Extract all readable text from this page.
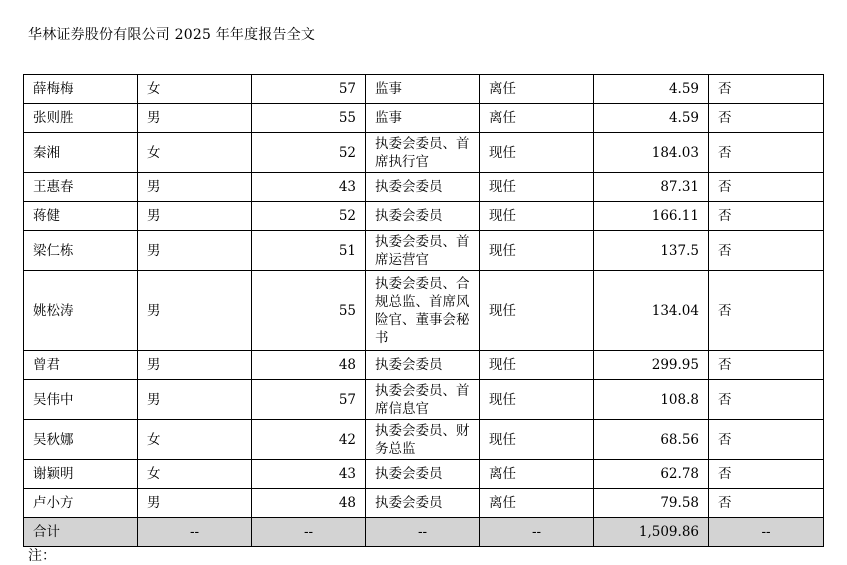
华林证券股份有限公司 2025 年年度报告全文
薛梅梅	女	57	监事	离任	4.59	否
张则胜	男	55	监事	离任	4.59	否
秦湘	女	52	执委会委员、首席执行官	现任	184.03	否
王惠春	男	43	执委会委员	现任	87.31	否
蒋健	男	52	执委会委员	现任	166.11	否
梁仁栋	男	51	执委会委员、首席运营官	现任	137.5	否
姚松涛	男	55	执委会委员、合规总监、首席风险官、董事会秘书	现任	134.04	否
曾君	男	48	执委会委员	现任	299.95	否
吴伟中	男	57	执委会委员、首席信息官	现任	108.8	否
吴秋娜	女	42	执委会委员、财务总监	现任	68.56	否
谢颖明	女	43	执委会委员	离任	62.78	否
卢小方	男	48	执委会委员	离任	79.58	否
合计	--	--	--	--	1,509.86	--
注：
